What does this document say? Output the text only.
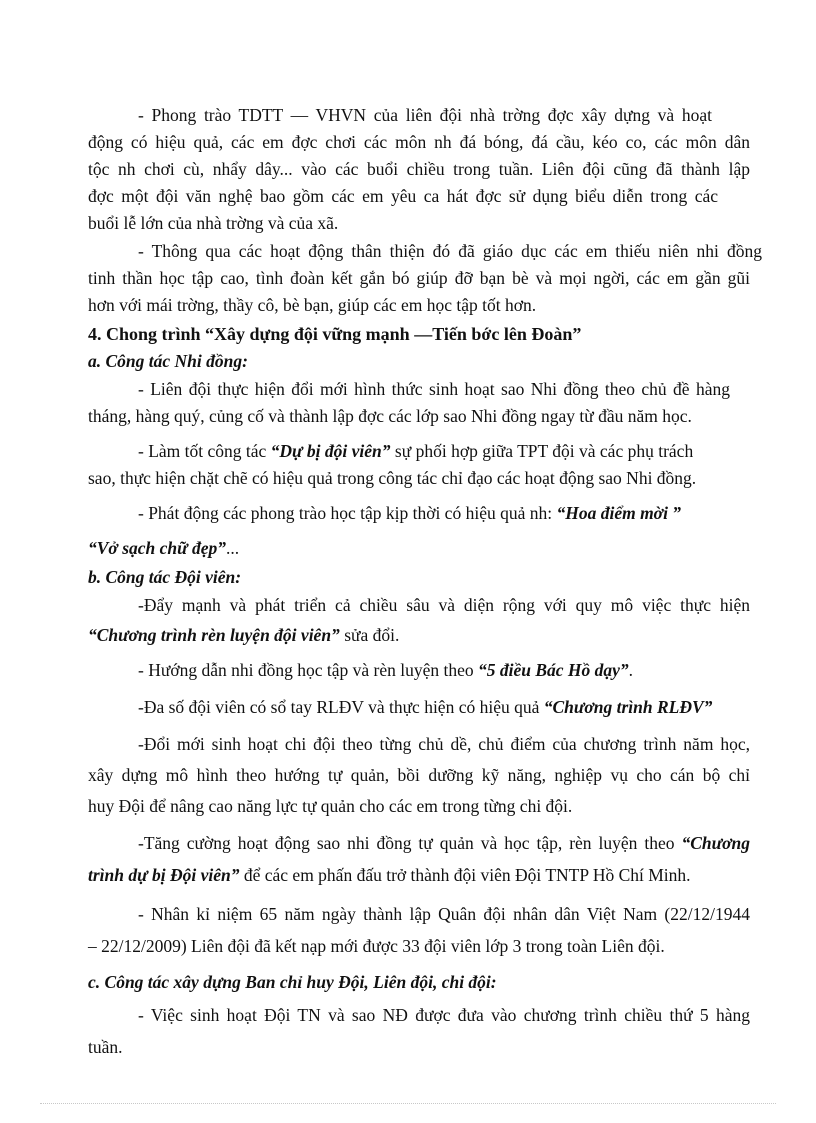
- Phong trào TDTT — VHVN của liên đội nhà trờng đợc xây dựng và hoạt
động có hiệu quả, các em đợc chơi các môn nh đá bóng, đá cầu, kéo co, các môn dân
tộc nh chơi cù, nhẩy dây... vào các buổi chiều trong tuần. Liên đội cũng đã thành lập
đợc một đội văn nghệ bao gồm các em yêu ca hát đợc sử dụng biểu diễn trong các
buổi lễ lớn của nhà trờng và của xã.
- Thông qua các hoạt động thân thiện đó đã giáo dục các em thiếu niên nhi đồng
tinh thần học tập cao, tình đoàn kết gắn bó giúp đỡ bạn bè và mọi ngời, các em gần gũi
hơn với mái trờng, thầy cô, bè bạn, giúp các em học tập tốt hơn.
4. Chong trình “Xây dựng đội vững mạnh —Tiến bớc lên Đoàn”
a. Công tác Nhi đồng:
- Liên đội thực hiện đổi mới hình thức sinh hoạt sao Nhi đồng theo chủ đề hàng
tháng, hàng quý, củng cố và thành lập đợc các lớp sao Nhi đồng ngay từ đầu năm học.
- Làm tốt công tác “Dự bị đội viên” sự phối hợp giữa TPT đội và các phụ trách
sao, thực hiện chặt chẽ có hiệu quả trong công tác chỉ đạo các hoạt động sao Nhi đồng.
- Phát động các phong trào học tập kịp thời có hiệu quả nh: “Hoa điểm mời ”
“Vở sạch chữ đẹp”...
b. Công tác Đội viên:
-Đẩy mạnh và phát triển cả chiều sâu và diện rộng với quy mô việc thực hiện
“Chương trình rèn luyện đội viên” sửa đổi.
- Hướng dẫn nhi đồng học tập và rèn luyện theo “5 điều Bác Hồ dạy”.
-Đa số đội viên có sổ tay RLĐV và thực hiện có hiệu quả “Chương trình RLĐV”
-Đổi mới sinh hoạt chi đội theo từng chủ dề, chủ điểm của chương trình năm học,
xây dựng mô hình theo hướng tự quản, bồi dưỡng kỹ năng, nghiệp vụ cho cán bộ chỉ
huy Đội để nâng cao năng lực tự quản cho các em trong từng chi đội.
-Tăng cường hoạt động sao nhi đồng tự quản và học tập, rèn luyện theo “Chương
trình dự bị Đội viên” để các em phấn đấu trở thành đội viên Đội TNTP Hồ Chí Minh.
- Nhân kỉ niệm 65 năm ngày thành lập Quân đội nhân dân Việt Nam (22/12/1944
– 22/12/2009) Liên đội đã kết nạp mới được 33 đội viên lớp 3 trong toàn Liên đội.
c. Công tác xây dựng Ban chỉ huy Đội, Liên đội, chi đội:
- Việc sinh hoạt Đội TN và sao NĐ được đưa vào chương trình chiều thứ 5 hàng
tuần.
